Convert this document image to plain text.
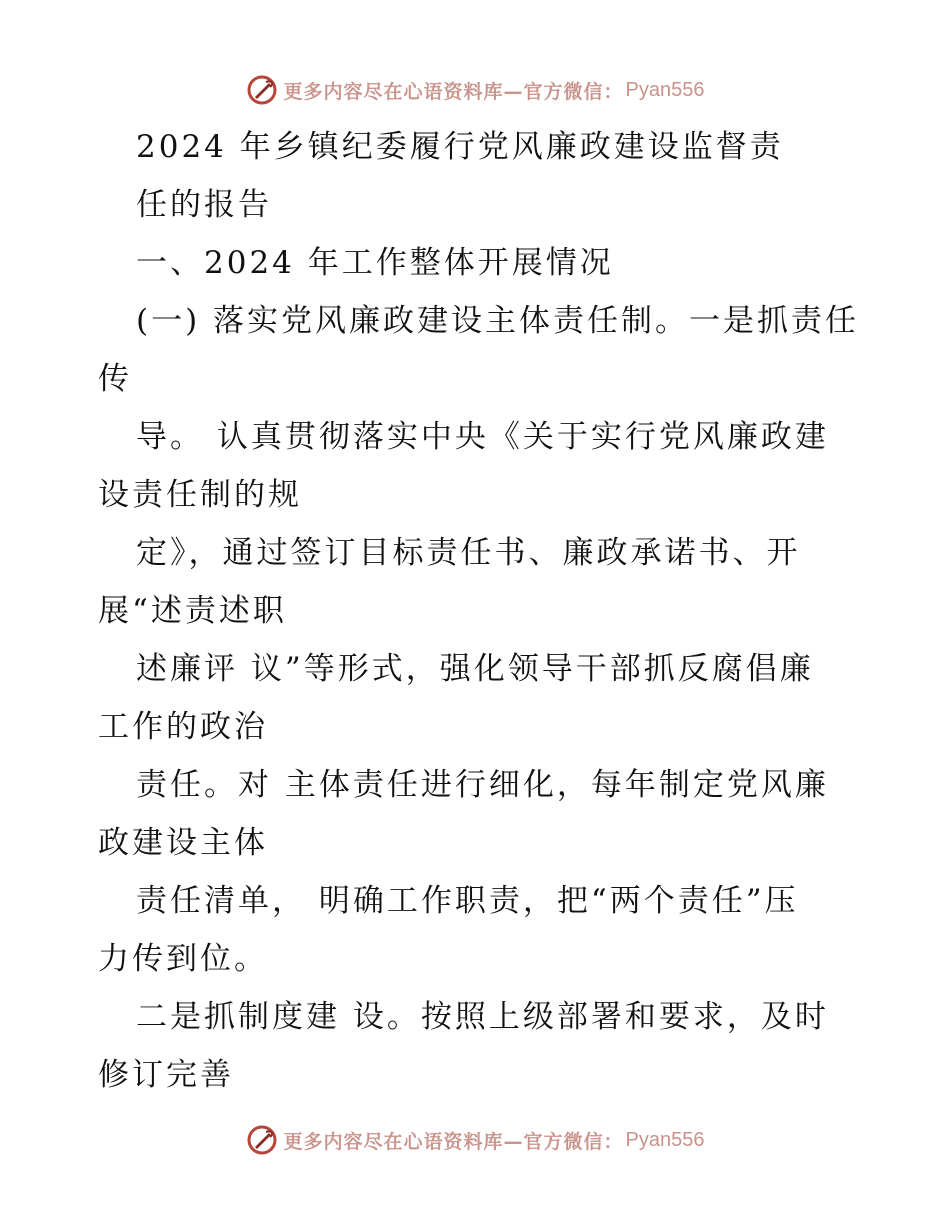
更多内容尽在心语资料库—官方微信： Pyan556
2024 年乡镇纪委履行党风廉政建设监督责
任的报告
一、2024 年工作整体开展情况
(一) 落实党风廉政建设主体责任制。一是抓责任
传
导。 认真贯彻落实中央《关于实行党风廉政建
设责任制的规
定》，通过签订目标责任书、廉政承诺书、开
展“述责述职
述廉评 议”等形式，强化领导干部抓反腐倡廉
工作的政治
责任。对 主体责任进行细化，每年制定党风廉
政建设主体
责任清单， 明确工作职责，把“两个责任”压
力传到位。
二是抓制度建 设。按照上级部署和要求，及时
修订完善
更多内容尽在心语资料库—官方微信： Pyan556
